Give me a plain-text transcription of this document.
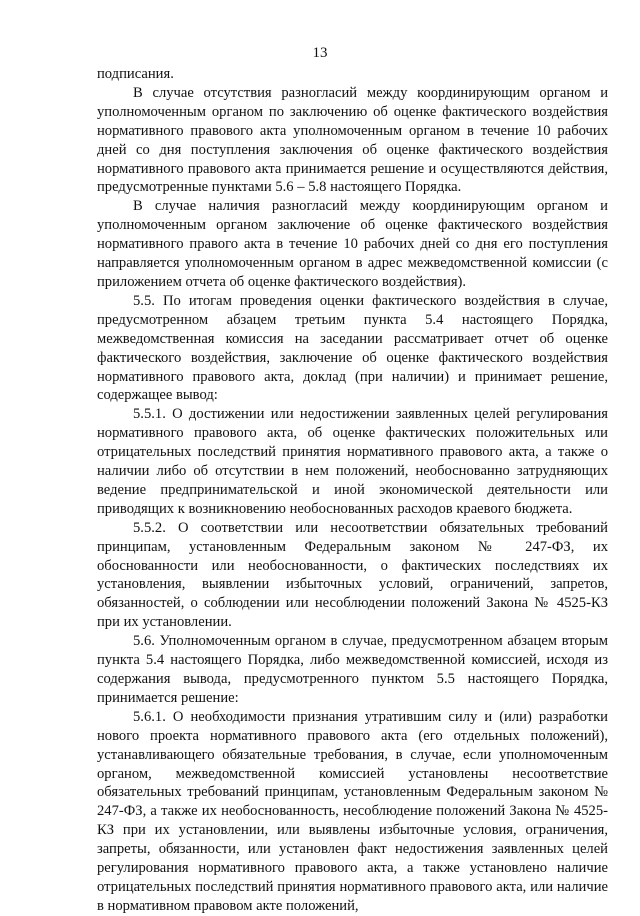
13

подписания.

В случае отсутствия разногласий между координирующим органом и уполномоченным органом по заключению об оценке фактического воздействия нормативного правового акта уполномоченным органом в течение 10 рабочих дней со дня поступления заключения об оценке фактического воздействия нормативного правового акта принимается решение и осуществляются действия, предусмотренные пунктами 5.6 – 5.8 настоящего Порядка.

В случае наличия разногласий между координирующим органом и уполномоченным органом заключение об оценке фактического воздействия нормативного правого акта в течение 10 рабочих дней со дня его поступления направляется уполномоченным органом в адрес межведомственной комиссии (с приложением отчета об оценке фактического воздействия).

5.5. По итогам проведения оценки фактического воздействия в случае, предусмотренном абзацем третьим пункта 5.4 настоящего Порядка, межведомственная комиссия на заседании рассматривает отчет об оценке фактического воздействия, заключение об оценке фактического воздействия нормативного правового акта, доклад (при наличии) и принимает решение, содержащее вывод:

5.5.1. О достижении или недостижении заявленных целей регулирования нормативного правового акта, об оценке фактических положительных или отрицательных последствий принятия нормативного правового акта, а также о наличии либо об отсутствии в нем положений, необоснованно затрудняющих ведение предпринимательской и иной экономической деятельности или приводящих к возникновению необоснованных расходов краевого бюджета.

5.5.2. О соответствии или несоответствии обязательных требований принципам, установленным Федеральным законом № 247-ФЗ, их обоснованности или необоснованности, о фактических последствиях их установления, выявлении избыточных условий, ограничений, запретов, обязанностей, о соблюдении или несоблюдении положений Закона № 4525-КЗ при их установлении.

5.6. Уполномоченным органом в случае, предусмотренном абзацем вторым пункта 5.4 настоящего Порядка, либо межведомственной комиссией, исходя из содержания вывода, предусмотренного пунктом 5.5 настоящего Порядка, принимается решение:

5.6.1. О необходимости признания утратившим силу и (или) разработки нового проекта нормативного правового акта (его отдельных положений), устанавливающего обязательные требования, в случае, если уполномоченным органом, межведомственной комиссией установлены несоответствие обязательных требований принципам, установленным Федеральным законом № 247-ФЗ, а также их необоснованность, несоблюдение положений Закона № 4525-КЗ при их установлении, или выявлены избыточные условия, ограничения, запреты, обязанности, или установлен факт недостижения заявленных целей регулирования нормативного правового акта, а также установлено наличие отрицательных последствий принятия нормативного правового акта, или наличие в нормативном правовом акте положений,
